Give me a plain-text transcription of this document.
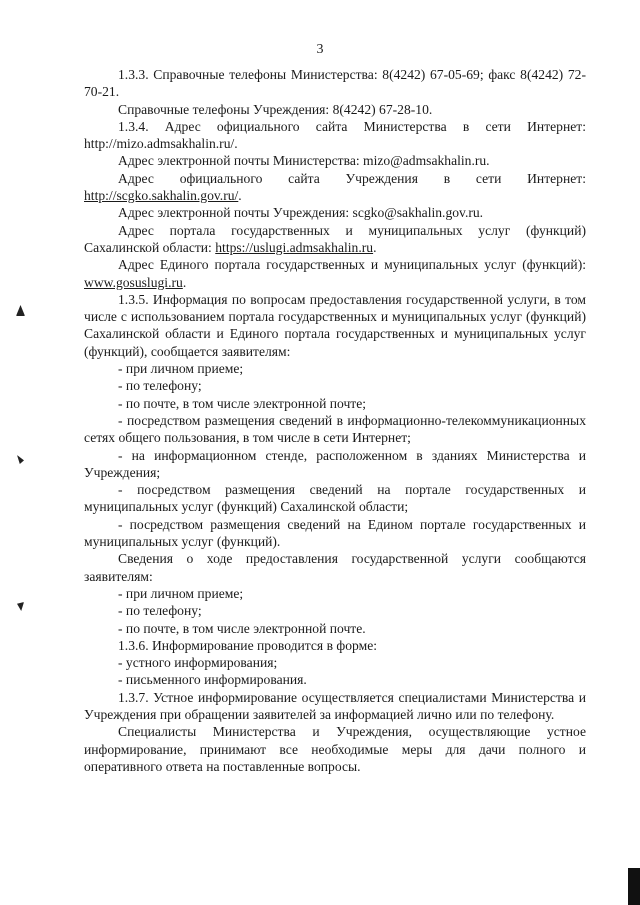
3

1.3.3. Справочные телефоны Министерства: 8(4242) 67-05-69; факс 8(4242) 72-70-21.

Справочные телефоны Учреждения: 8(4242) 67-28-10.

1.3.4. Адрес официального сайта Министерства в сети Интернет: http://mizo.admsakhalin.ru/.

Адрес электронной почты Министерства: mizo@admsakhalin.ru.

Адрес официального сайта Учреждения в сети Интернет: http://scgko.sakhalin.gov.ru/.

Адрес электронной почты Учреждения: scgko@sakhalin.gov.ru.

Адрес портала государственных и муниципальных услуг (функций) Сахалинской области: https://uslugi.admsakhalin.ru.

Адрес Единого портала государственных и муниципальных услуг (функций): www.gosuslugi.ru.

1.3.5. Информация по вопросам предоставления государственной услуги, в том числе с использованием портала государственных и муниципальных услуг (функций) Сахалинской области и Единого портала государственных и муниципальных услуг (функций), сообщается заявителям:

- при личном приеме;

- по телефону;

- по почте, в том числе электронной почте;

- посредством размещения сведений в информационно-телекоммуникационных сетях общего пользования, в том числе в сети Интернет;

- на информационном стенде, расположенном в зданиях Министерства и Учреждения;

- посредством размещения сведений на портале государственных и муниципальных услуг (функций) Сахалинской области;

- посредством размещения сведений на Едином портале государственных и муниципальных услуг (функций).

Сведения о ходе предоставления государственной услуги сообщаются заявителям:

- при личном приеме;

- по телефону;

- по почте, в том числе электронной почте.

1.3.6. Информирование проводится в форме:

- устного информирования;

- письменного информирования.

1.3.7. Устное информирование осуществляется специалистами Министерства и Учреждения при обращении заявителей за информацией лично или по телефону.

Специалисты Министерства и Учреждения, осуществляющие устное информирование, принимают все необходимые меры для дачи полного и оперативного ответа на поставленные вопросы.
